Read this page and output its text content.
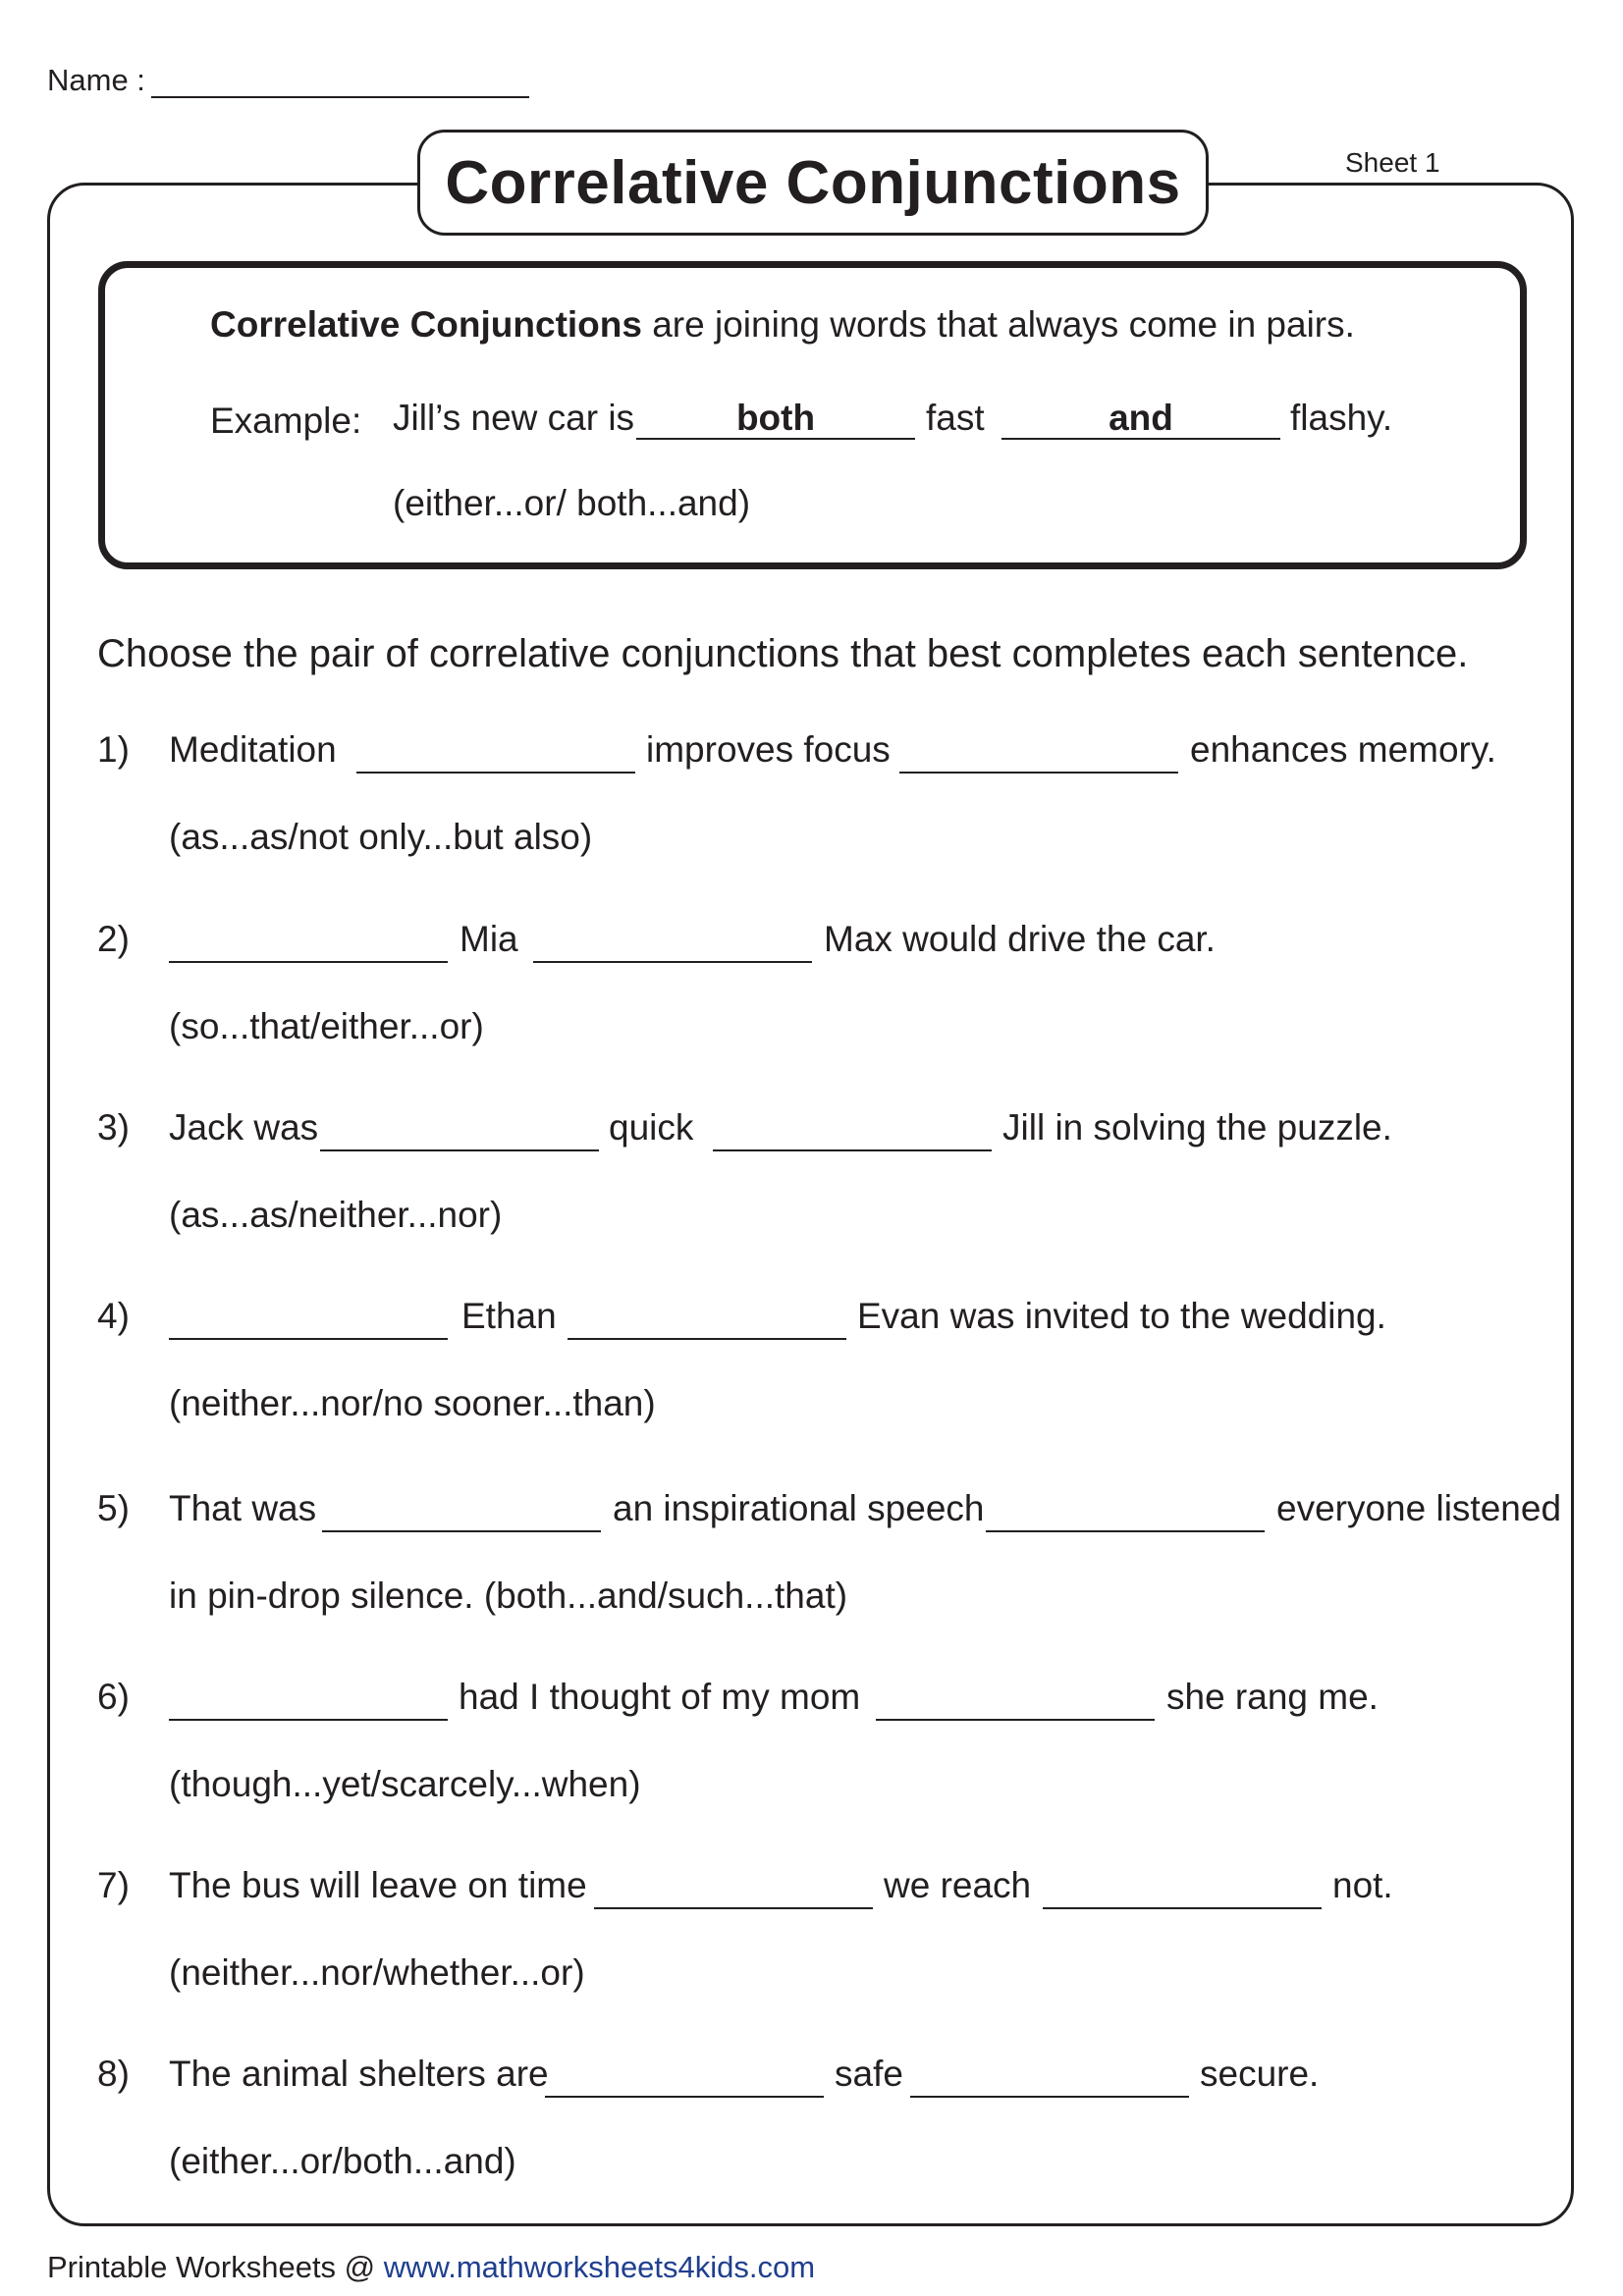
Name :
Correlative Conjunctions	Sheet 1
Correlative Conjunctions are joining words that always come in pairs.
Example: Jill’s new car is	both	fast	and	flashy.
(either...or/ both...and)
Choose the pair of correlative conjunctions that best completes each sentence.
1) Meditation	improves focus	enhances memory.
(as...as/not only...but also)
2)	Mia	Max would drive the car.
(so...that/either...or)
3) Jack was	quick	Jill in solving the puzzle.
(as...as/neither...nor)
4)	Ethan	Evan was invited to the wedding.
(neither...nor/no sooner...than)
5) That was	an inspirational speech	everyone listened
in pin-drop silence. (both...and/such...that)
6)	had I thought of my mom	she rang me.
(though...yet/scarcely...when)
7) The bus will leave on time	we reach	not.
(neither...nor/whether...or)
8) The animal shelters are	safe	secure.
(either...or/both...and)
Printable Worksheets @ www.mathworksheets4kids.com
